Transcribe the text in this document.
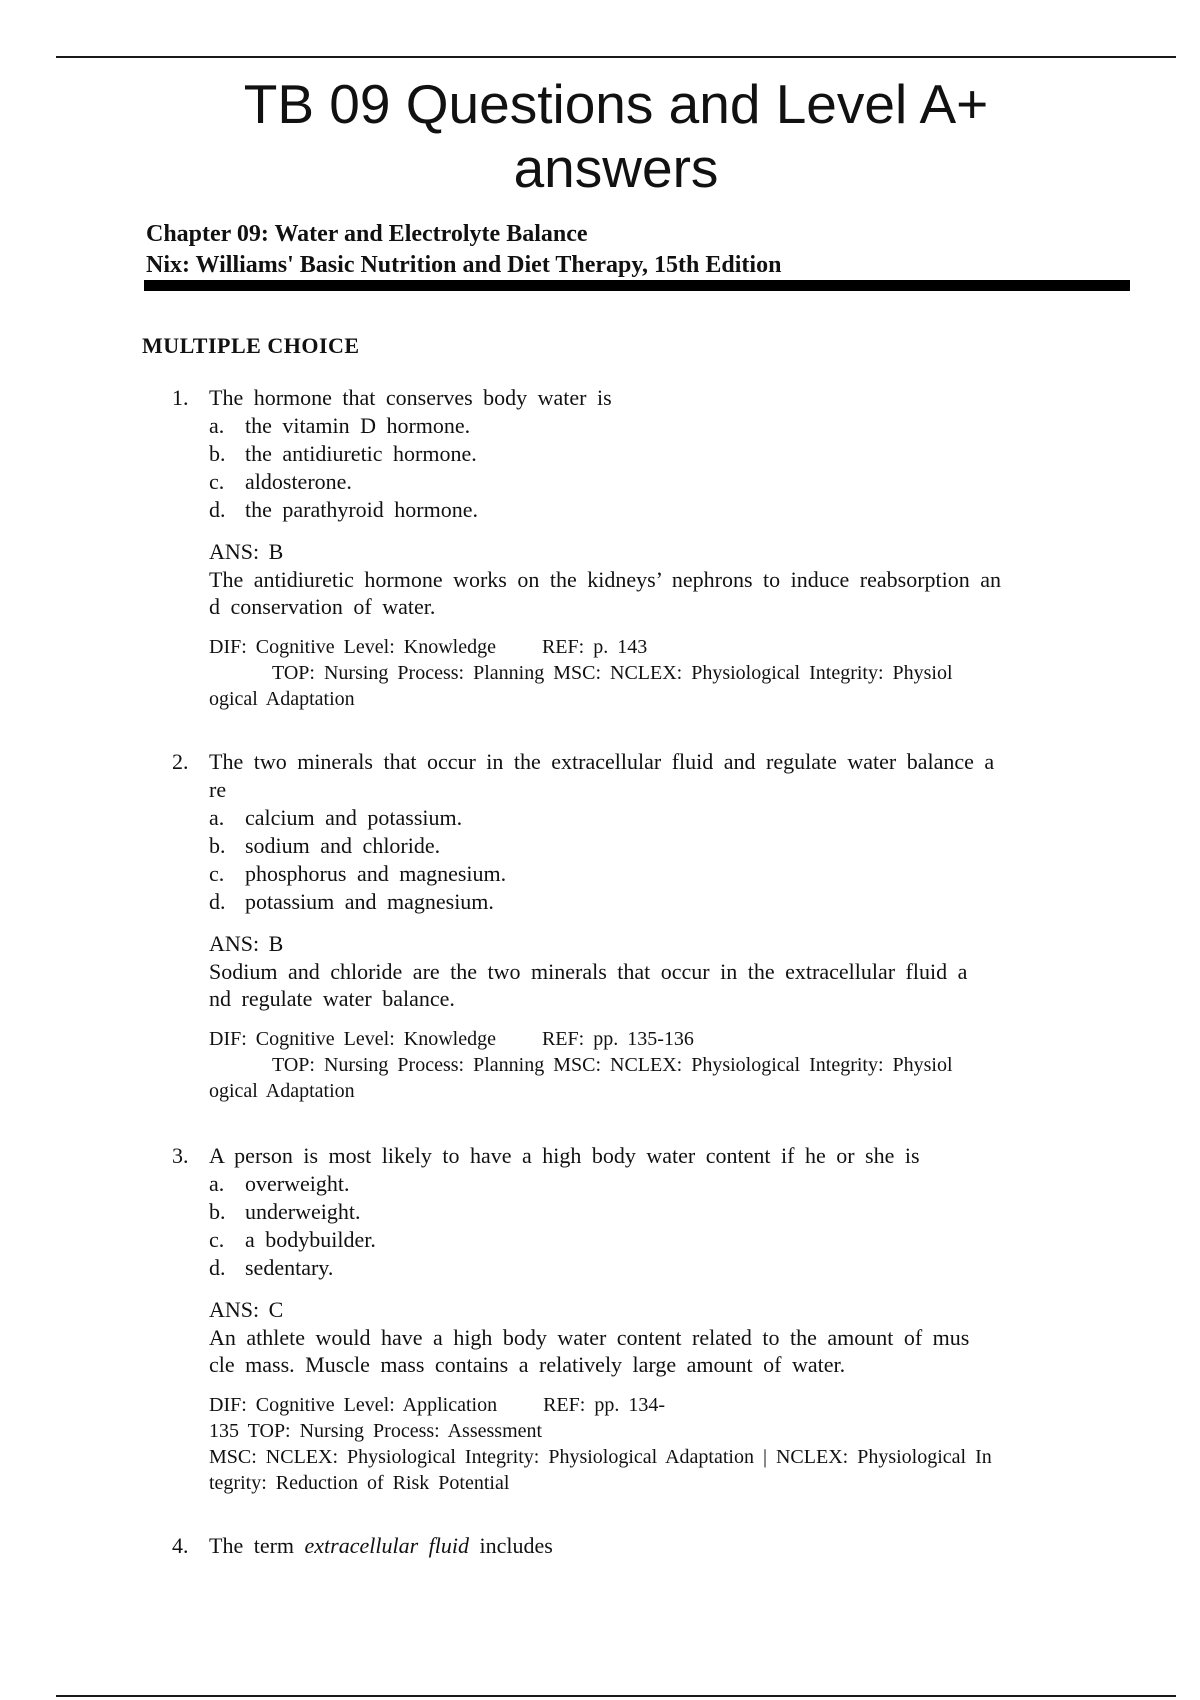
TB 09 Questions and Level A+
answers
Chapter 09: Water and Electrolyte Balance
Nix: Williams' Basic Nutrition and Diet Therapy, 15th Edition
MULTIPLE CHOICE
1. The hormone that conserves body water is
a. the vitamin D hormone.
b. the antidiuretic hormone.
c. aldosterone.
d. the parathyroid hormone.
ANS: B
The antidiuretic hormone works on the kidneys’ nephrons to induce reabsorption an
d conservation of water.
DIF: Cognitive Level: Knowledge REF: p. 143
TOP: Nursing Process: Planning MSC: NCLEX: Physiological Integrity: Physiol
ogical Adaptation
2. The two minerals that occur in the extracellular fluid and regulate water balance a
re
a. calcium and potassium.
b. sodium and chloride.
c. phosphorus and magnesium.
d. potassium and magnesium.
ANS: B
Sodium and chloride are the two minerals that occur in the extracellular fluid a
nd regulate water balance.
DIF: Cognitive Level: Knowledge REF: pp. 135-136
TOP: Nursing Process: Planning MSC: NCLEX: Physiological Integrity: Physiol
ogical Adaptation
3. A person is most likely to have a high body water content if he or she is
a. overweight.
b. underweight.
c. a bodybuilder.
d. sedentary.
ANS: C
An athlete would have a high body water content related to the amount of mus
cle mass. Muscle mass contains a relatively large amount of water.
DIF: Cognitive Level: Application REF: pp. 134-
135 TOP: Nursing Process: Assessment
MSC: NCLEX: Physiological Integrity: Physiological Adaptation | NCLEX: Physiological In
tegrity: Reduction of Risk Potential
4. The term extracellular fluid includes
